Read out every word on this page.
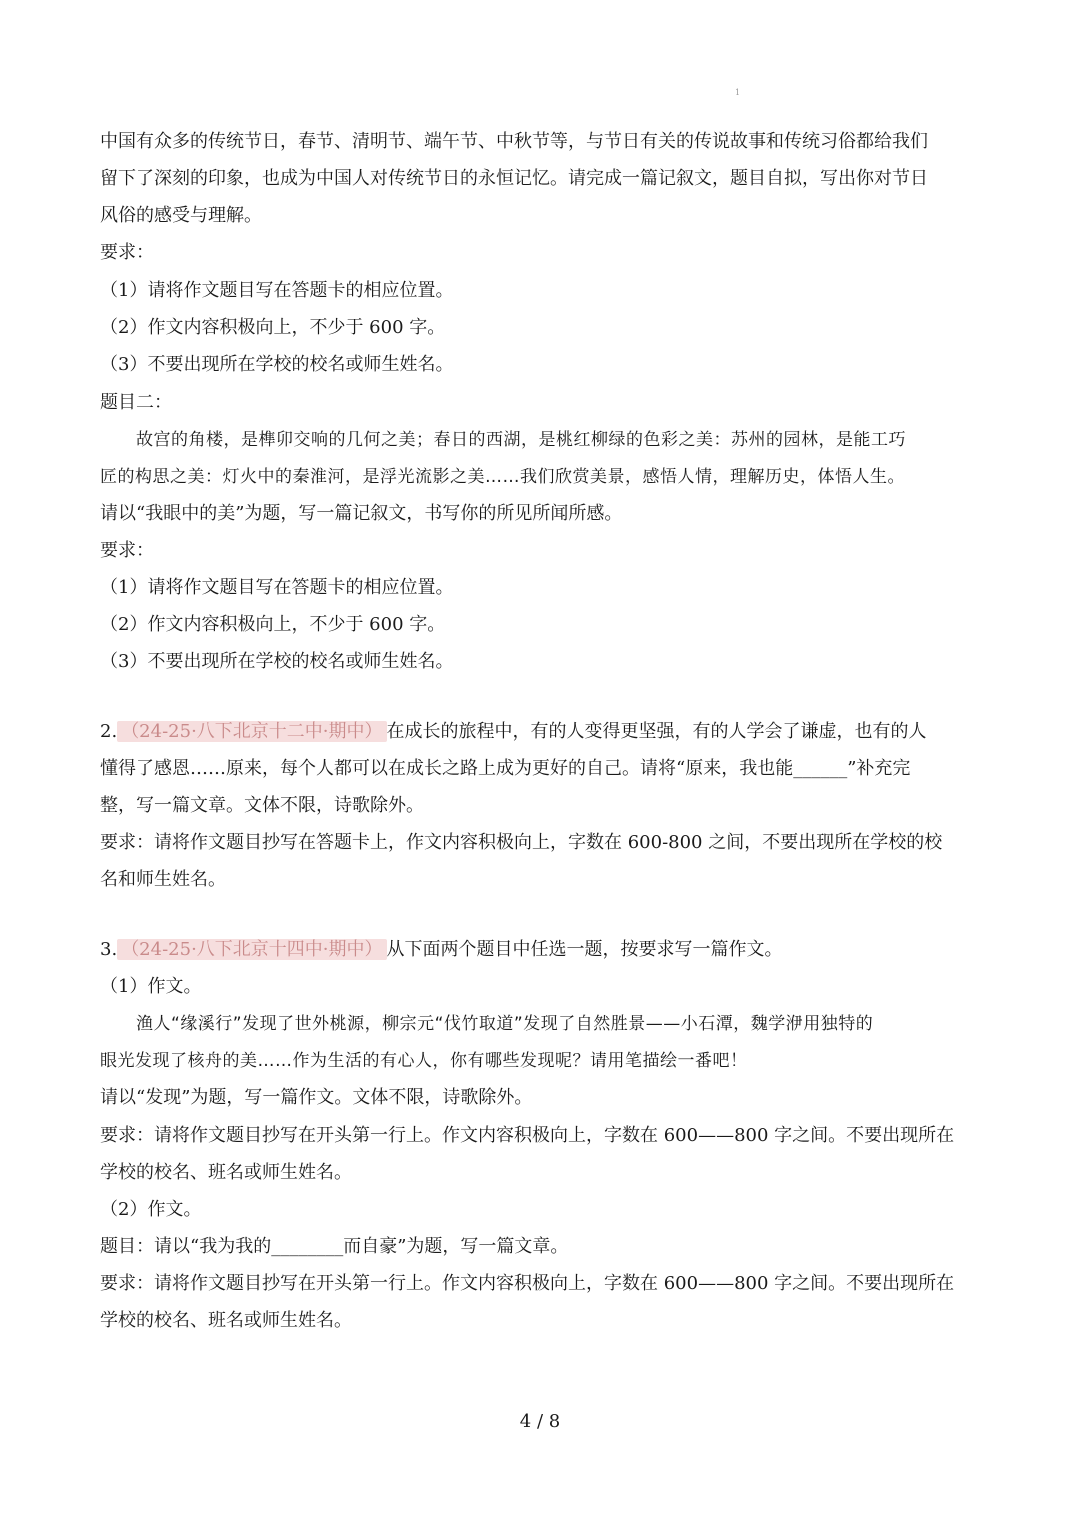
1
中国有众多的传统节日，春节、清明节、端午节、中秋节等，与节日有关的传说故事和传统习俗都给我们
留下了深刻的印象，也成为中国人对传统节日的永恒记忆。请完成一篇记叙文，题目自拟，写出你对节日
风俗的感受与理解。
要求：
（1）请将作文题目写在答题卡的相应位置。
（2）作文内容积极向上，不少于 600 字。
（3）不要出现所在学校的校名或师生姓名。
题目二：
故宫的角楼，是榫卯交响的几何之美；春日的西湖，是桃红柳绿的色彩之美：苏州的园林，是能工巧
匠的构思之美：灯火中的秦淮河，是浮光流影之美……我们欣赏美景，感悟人情，理解历史，体悟人生。
请以“我眼中的美”为题，写一篇记叙文，书写你的所见所闻所感。
要求：
（1）请将作文题目写在答题卡的相应位置。
（2）作文内容积极向上，不少于 600 字。
（3）不要出现所在学校的校名或师生姓名。
2. （24-25·八下北京十二中·期中） 在成长的旅程中，有的人变得更坚强，有的人学会了谦虚，也有的人
懂得了感恩……原来，每个人都可以在成长之路上成为更好的自己。请将“原来，我也能______”补充完
整，写一篇文章。文体不限，诗歌除外。
要求：请将作文题目抄写在答题卡上，作文内容积极向上，字数在 600-800 之间，不要出现所在学校的校
名和师生姓名。
3. （24-25·八下北京十四中·期中） 从下面两个题目中任选一题，按要求写一篇作文。
（1）作文。
渔人“缘溪行”发现了世外桃源，柳宗元“伐竹取道”发现了自然胜景——小石潭，魏学洢用独特的
眼光发现了核舟的美……作为生活的有心人，你有哪些发现呢？请用笔描绘一番吧！
请以“发现”为题，写一篇作文。文体不限，诗歌除外。
要求：请将作文题目抄写在开头第一行上。作文内容积极向上，字数在 600——800 字之间。不要出现所在
学校的校名、班名或师生姓名。
（2）作文。
题目：请以“我为我的________而自豪”为题，写一篇文章。
要求：请将作文题目抄写在开头第一行上。作文内容积极向上，字数在 600——800 字之间。不要出现所在
学校的校名、班名或师生姓名。
4 / 8
